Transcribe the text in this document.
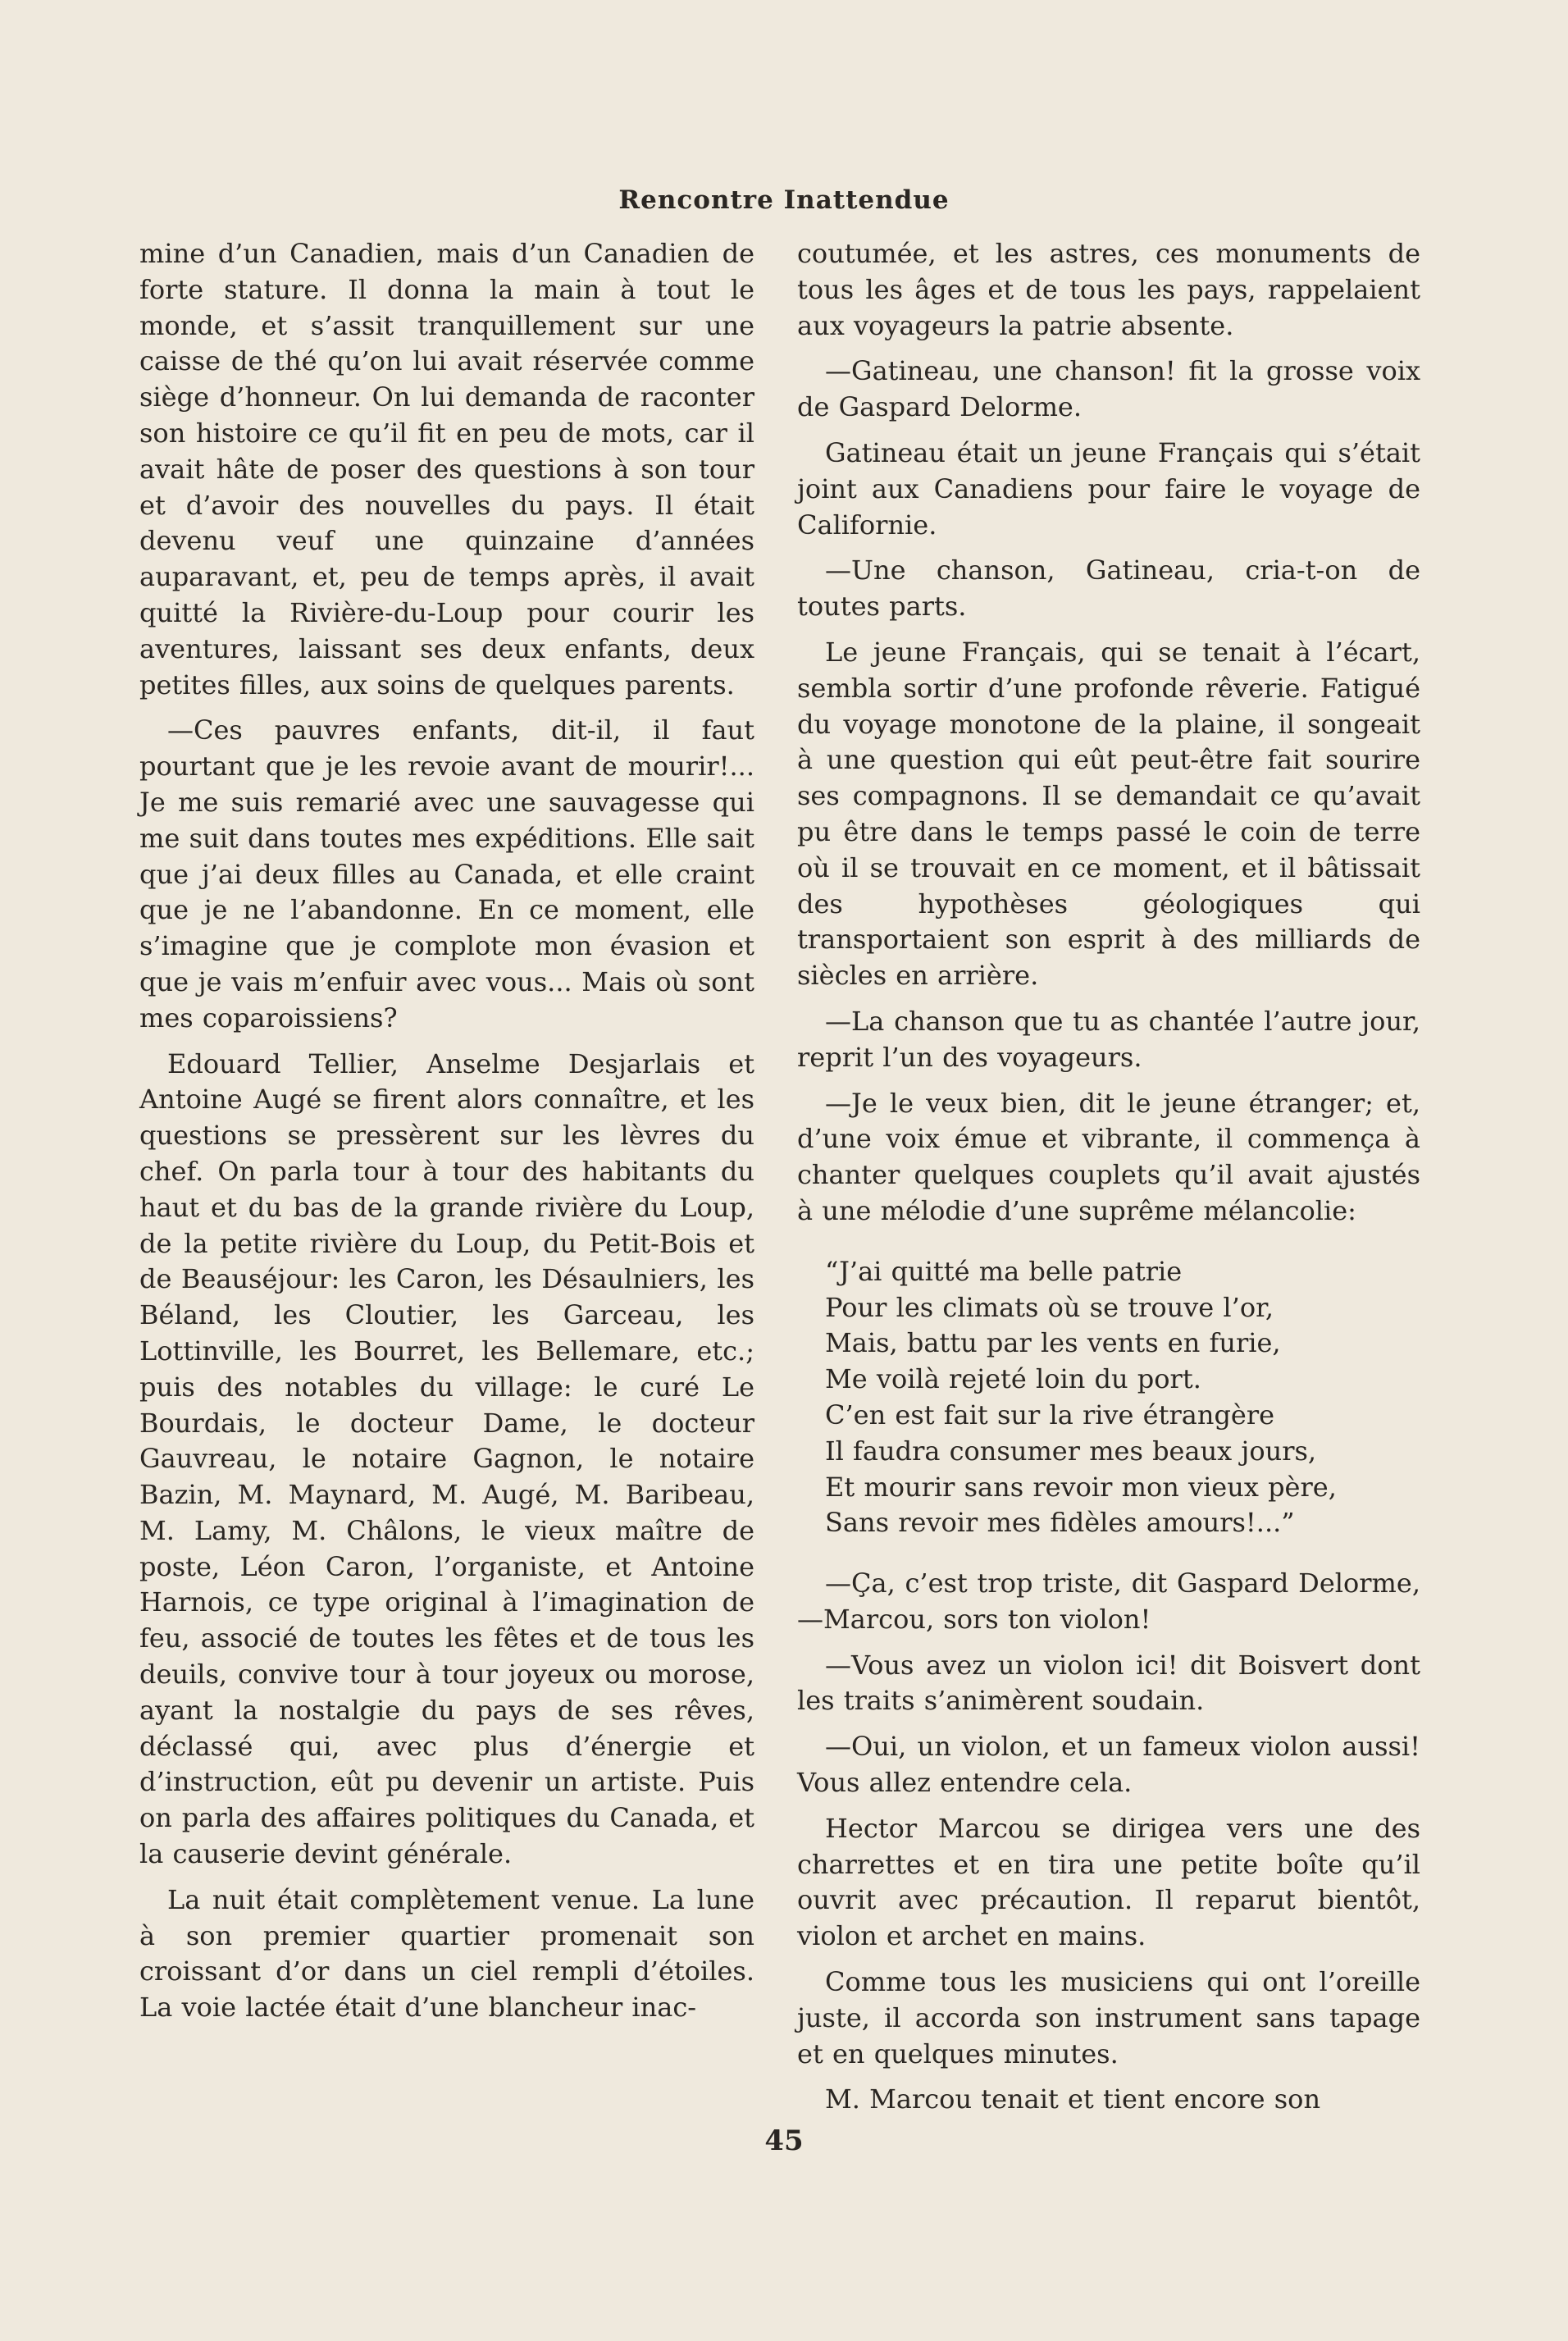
Rencontre Inattendue

mine d’un Canadien, mais d’un Canadien de forte stature. Il donna la main à tout le monde, et s’assit tranquillement sur une caisse de thé qu’on lui avait réservée comme siège d’honneur. On lui demanda de raconter son histoire ce qu’il fit en peu de mots, car il avait hâte de poser des questions à son tour et d’avoir des nouvelles du pays. Il était devenu veuf une quinzaine d’années auparavant, et, peu de temps après, il avait quitté la Rivière-du-Loup pour courir les aventures, laissant ses deux enfants, deux petites filles, aux soins de quelques parents.

—Ces pauvres enfants, dit-il, il faut pourtant que je les revoie avant de mourir!... Je me suis remarié avec une sauvagesse qui me suit dans toutes mes expéditions. Elle sait que j’ai deux filles au Canada, et elle craint que je ne l’abandonne. En ce moment, elle s’imagine que je complote mon évasion et que je vais m’enfuir avec vous... Mais où sont mes coparoissiens?

Edouard Tellier, Anselme Desjarlais et Antoine Augé se firent alors connaître, et les questions se pressèrent sur les lèvres du chef. On parla tour à tour des habitants du haut et du bas de la grande rivière du Loup, de la petite rivière du Loup, du Petit-Bois et de Beauséjour: les Caron, les Désaulniers, les Béland, les Cloutier, les Garceau, les Lottinville, les Bourret, les Bellemare, etc.; puis des notables du village: le curé Le Bourdais, le docteur Dame, le docteur Gauvreau, le notaire Gagnon, le notaire Bazin, M. Maynard, M. Augé, M. Baribeau, M. Lamy, M. Châlons, le vieux maître de poste, Léon Caron, l’organiste, et Antoine Harnois, ce type original à l’imagination de feu, associé de toutes les fêtes et de tous les deuils, convive tour à tour joyeux ou morose, ayant la nostalgie du pays de ses rêves, déclassé qui, avec plus d’énergie et d’instruction, eût pu devenir un artiste. Puis on parla des affaires politiques du Canada, et la causerie devint générale.

La nuit était complètement venue. La lune à son premier quartier promenait son croissant d’or dans un ciel rempli d’étoiles. La voie lactée était d’une blancheur inac-

coutumée, et les astres, ces monuments de tous les âges et de tous les pays, rappelaient aux voyageurs la patrie absente.

—Gatineau, une chanson! fit la grosse voix de Gaspard Delorme.

Gatineau était un jeune Français qui s’était joint aux Canadiens pour faire le voyage de Californie.

—Une chanson, Gatineau, cria-t-on de toutes parts.

Le jeune Français, qui se tenait à l’écart, sembla sortir d’une profonde rêverie. Fatigué du voyage monotone de la plaine, il songeait à une question qui eût peut-être fait sourire ses compagnons. Il se demandait ce qu’avait pu être dans le temps passé le coin de terre où il se trouvait en ce moment, et il bâtissait des hypothèses géologiques qui transportaient son esprit à des milliards de siècles en arrière.

—La chanson que tu as chantée l’autre jour, reprit l’un des voyageurs.

—Je le veux bien, dit le jeune étranger; et, d’une voix émue et vibrante, il commença à chanter quelques couplets qu’il avait ajustés à une mélodie d’une suprême mélancolie:

“J’ai quitté ma belle patrie
Pour les climats où se trouve l’or,
Mais, battu par les vents en furie,
Me voilà rejeté loin du port.
C’en est fait sur la rive étrangère
Il faudra consumer mes beaux jours,
Et mourir sans revoir mon vieux père,
Sans revoir mes fidèles amours!...”

—Ça, c’est trop triste, dit Gaspard Delorme,—Marcou, sors ton violon!

—Vous avez un violon ici! dit Boisvert dont les traits s’animèrent soudain.

—Oui, un violon, et un fameux violon aussi! Vous allez entendre cela.

Hector Marcou se dirigea vers une des charrettes et en tira une petite boîte qu’il ouvrit avec précaution. Il reparut bientôt, violon et archet en mains.

Comme tous les musiciens qui ont l’oreille juste, il accorda son instrument sans tapage et en quelques minutes.

M. Marcou tenait et tient encore son

45
